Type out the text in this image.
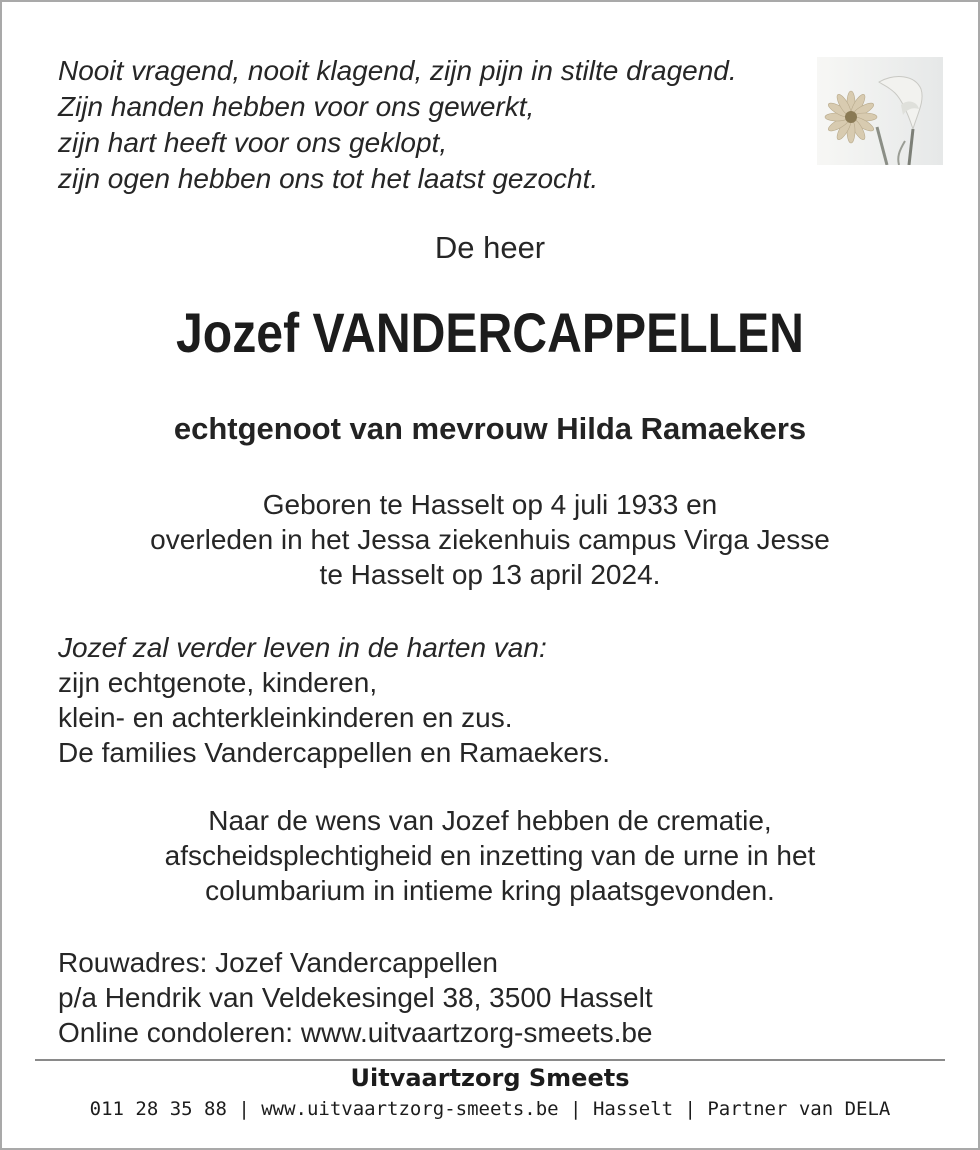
Nooit vragend, nooit klagend, zijn pijn in stilte dragend.
Zijn handen hebben voor ons gewerkt,
zijn hart heeft voor ons geklopt,
zijn ogen hebben ons tot het laatst gezocht.
De heer
Jozef VANDERCAPPELLEN
echtgenoot van mevrouw Hilda Ramaekers
Geboren te Hasselt op 4 juli 1933 en
overleden in het Jessa ziekenhuis campus Virga Jesse
te Hasselt op 13 april 2024.
Jozef zal verder leven in de harten van:
zijn echtgenote, kinderen,
klein- en achterkleinkinderen en zus.
De families Vandercappellen en Ramaekers.
Naar de wens van Jozef hebben de crematie,
afscheidsplechtigheid en inzetting van de urne in het
columbarium in intieme kring plaatsgevonden.
Rouwadres: Jozef Vandercappellen
p/a Hendrik van Veldekesingel 38, 3500 Hasselt
Online condoleren: www.uitvaartzorg-smeets.be
Uitvaartzorg Smeets
011 28 35 88 | www.uitvaartzorg-smeets.be | Hasselt | Partner van DELA
